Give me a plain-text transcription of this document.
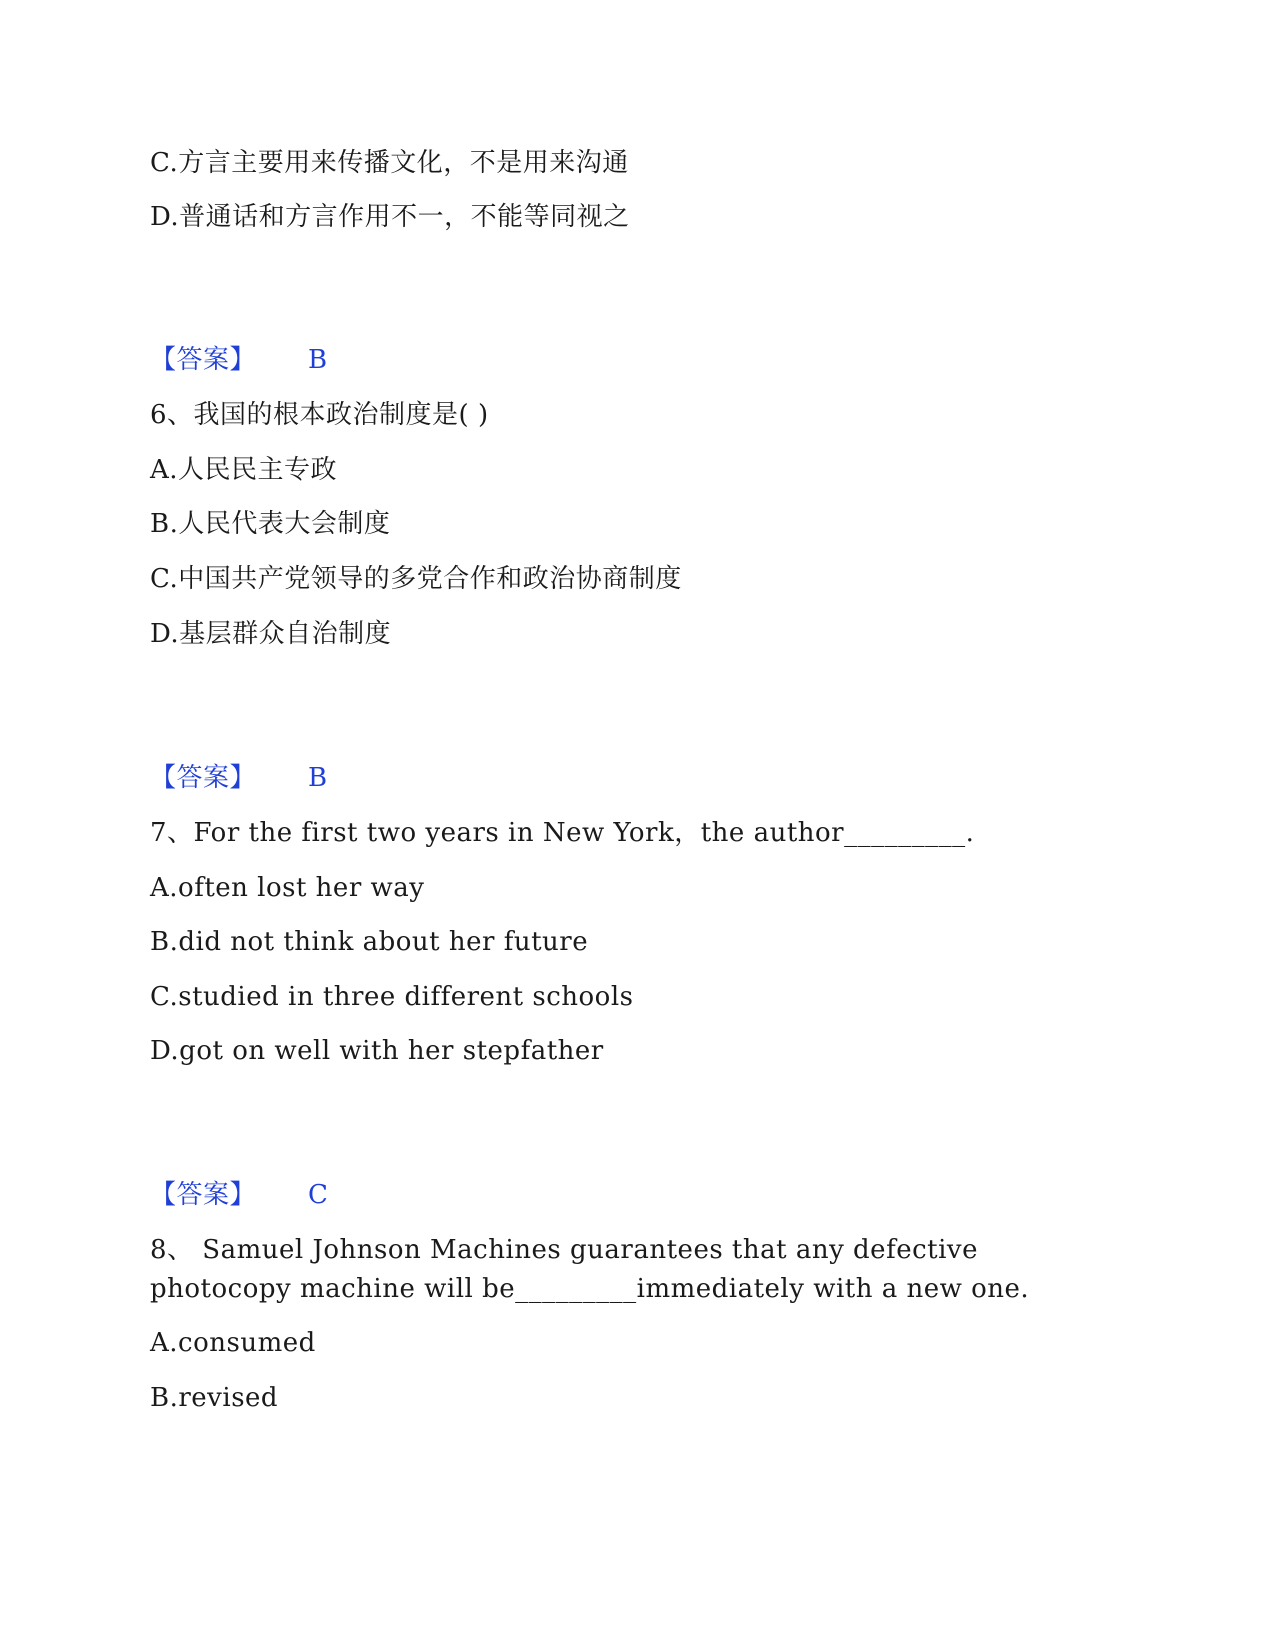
C.方言主要用来传播文化，不是用来沟通
D.普通话和方言作用不一，不能等同视之
【答案】 B
6、我国的根本政治制度是( )
A.人民民主专政
B.人民代表大会制度
C.中国共产党领导的多党合作和政治协商制度
D.基层群众自治制度
【答案】 B
7、For the first two years in New York，the author_________.
A.often lost her way
B.did not think about her future
C.studied in three different schools
D.got on well with her stepfather
【答案】 C
8、 Samuel Johnson Machines guarantees that any defective
photocopy machine will be_________immediately with a new one.
A.consumed
B.revised
